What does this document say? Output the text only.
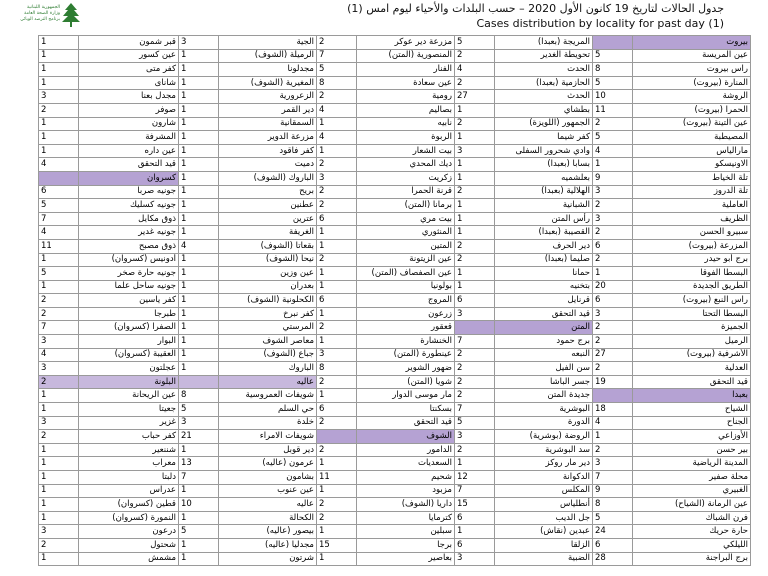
الجمهورية اللبنانية
وزارة الصحة العامة
برنامج الترصد الوبائي
جدول الحالات لتاريخ 19 كانون الأول 2020 – حسب البلدات والأحياء ليوم امس (1)
Cases distribution by locality for past day (1)
1	قبر شمون	3	الجية	2	مزرعة دير عوكر	5	المريجة (بعبدا)		بيروت
1	عين كسور	1	الرميلة (الشوف)	7	المنصورية (المتن)	2	تحويطة الغدير	5	عين المريسة
1	كفر متى	1	مجدلونا	5	الفنار	4	الحدت	8	راس بيروت
1	شانای	1	المغيرية (الشوف)	8	عين سعادة	2	الحازمية (بعبدا)	5	المنارة (بيروت)
3	مجدل بعنا	1	الزعرورية	2	رومية	27	الحدث	10	الروشة
2	صوفر	1	دير القمر	4	بصاليم	1	بطشاي	11	الحمرا (بيروت)
1	شارون	1	السمقانية	1	نابيه	2	الجمهور (اللويزة)	2	عين التينة (بيروت)
1	المشرفة	1	مزرعة الدوير	4	الربوة	1	كفر شيما	5	المصيطبة
1	عين داره	1	كفر فاقود	1	بيت الشعار	3	وادي شحرور السفلى	4	مارالياس
4	قيد التحقق	1	دميت	2	ديك المحدي	1	بسابا (بعبدا)	1	الاونيسكو
	كسروان	1	الباروك (الشوف)	3	زكريت	1	بعلشميه	9	تلة الخياط
6	جونيه صربا	1	بريح	2	قرنة الحمرا	2	الهلالية (بعبدا)	3	تلة الدروز
5	جونيه كسليك	1	عطنين	2	برمانا (المتن)	1	الشبانية	2	العاملية
7	ذوق مكايل	1	عترين	6	بيت مري	1	رأس المتن	3	الظريف
4	جونيه غدير	1	الغريفة	1	المنثوري	1	القصيبة (بعبدا)	2	سبيرو الحسن
11	ذوق مصبح	4	بقعاتا (الشوف)	1	المتين	2	دير الحرف	6	المزرعة (بيروت)
1	أدونيس (كسروان)	1	نيحا (الشوف)	2	عين الزيتونة	2	صليما (بعبدا)	2	برج أبو حيدر
5	جونيه حارة صخر	1	عين وزين	1	عين الصفصاف (المتن)	1	حمانا	1	البسطا الفوقا
1	جونيه ساحل علما	1	بعدران	1	بولونيا	1	بتخنيه	20	الطريق الجديدة
2	كفر ياسين	1	الكحلونية (الشوف)	6	المروج	6	قرنايل	6	راس النبع (بيروت)
2	طبرجا	1	كفر نبرخ	1	زرعون	3	قيد التحقق	3	البسطا التحتا
7	الصفرا (كسروان)	1	المرستي	2	قعقور		المتن	2	الجميزة
3	البوار	1	معاصر الشوف	1	الخنشارة	7	برج حمود	2	الرميل
4	العقيبة (كسروان)	1	جباع (الشوف)	3	عينطورة (المتن)	2	النبعه	27	الأشرفية (بيروت)
3	عجلتون	1	الباروك	8	ضهور الشوير	2	سن الفيل	2	العدلية
2	البلونة		عاليه	2	شويا (المتن)	2	جسر الباشا	19	قيد التحقق
1	عين الريحانة	8	شويفات العمروسية	1	مار موسى الدوار	2	جديدة المتن		بعبدا
1	جعيتا	5	حي السلم	6	بسكنتا	7	البوشرية	18	الشياح
3	غزير	3	خلدة	2	قيد التحقق	5	الدورة	4	الجناح
2	كفر حباب	21	شويفات الامراء		الشوف	3	الروضة (بوشرية)	1	الأوزاعي
1	شننعير	1	دير قوبل	2	الدامور	2	سد البوشرية	2	بير حسن
1	معراب	13	عرمون (عاليه)	1	السعديات	1	دير مار روكز	3	المدينة الرياضية
1	دلبتا	7	بشامون	11	شحيم	12	الدكوانة	7	محلة صفير
1	عدراس	1	عين عنوب	1	مزبود	7	المكلس	9	الغبيري
1	قطين (كسروان)	10	عاليه	2	داريا (الشوف)	15	أنطلياس	8	عين الرمانة (الشياح)
1	النمورة (كسروان)	1	الكحالة	2	كترمايا	6	جل الديب	5	فرن الشباك
3	درعون	5	بيصور (عاليه)	1	سبلين	1	عبدين (نقاش)	24	حارة حريك
2	شحتول	1	مجدليا (عاليه)	15	برجا	6	الزلقا	6	الليلكي
1	مشمش	1	شرتون	1	بعاصير	3	الضبية	28	برج البراجنة
